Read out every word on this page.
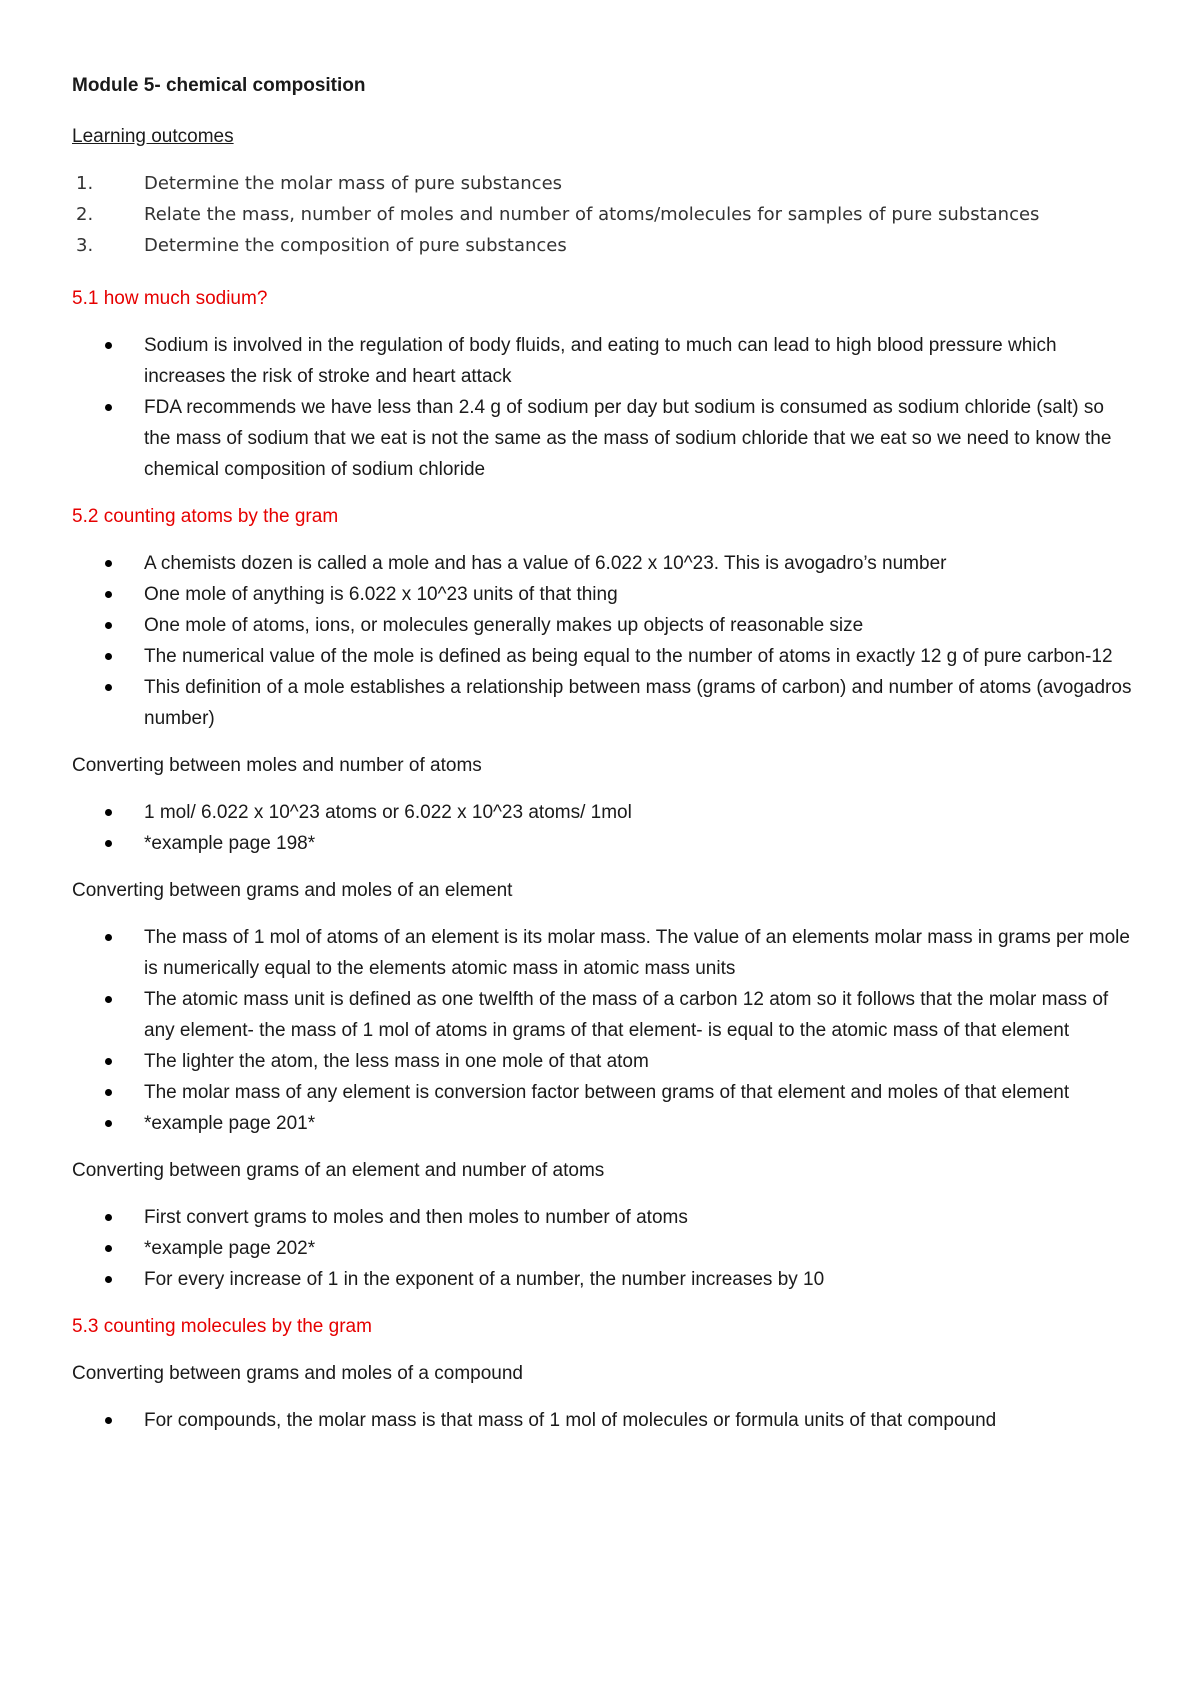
Module 5- chemical composition

Learning outcomes

1.	Determine the molar mass of pure substances
2.	Relate the mass, number of moles and number of atoms/molecules for samples of pure substances
3.	Determine the composition of pure substances

5.1 how much sodium?

Sodium is involved in the regulation of body fluids, and eating to much can lead to high blood pressure which increases the risk of stroke and heart attack
FDA recommends we have less than 2.4 g of sodium per day but sodium is consumed as sodium chloride (salt) so the mass of sodium that we eat is not the same as the mass of sodium chloride that we eat so we need to know the chemical composition of sodium chloride

5.2 counting atoms by the gram

A chemists dozen is called a mole and has a value of 6.022 x 10^23. This is avogadro’s number
One mole of anything is 6.022 x 10^23 units of that thing
One mole of atoms, ions, or molecules generally makes up objects of reasonable size
The numerical value of the mole is defined as being equal to the number of atoms in exactly 12 g of pure carbon-12
This definition of a mole establishes a relationship between mass (grams of carbon) and number of atoms (avogadros number)

Converting between moles and number of atoms

1 mol/ 6.022 x 10^23 atoms or 6.022 x 10^23 atoms/ 1mol
*example page 198*

Converting between grams and moles of an element

The mass of 1 mol of atoms of an element is its molar mass. The value of an elements molar mass in grams per mole is numerically equal to the elements atomic mass in atomic mass units
The atomic mass unit is defined as one twelfth of the mass of a carbon 12 atom so it follows that the molar mass of any element- the mass of 1 mol of atoms in grams of that element- is equal to the atomic mass of that element
The lighter the atom, the less mass in one mole of that atom
The molar mass of any element is conversion factor between grams of that element and moles of that element
*example page 201*

Converting between grams of an element and number of atoms

First convert grams to moles and then moles to number of atoms
*example page 202*
For every increase of 1 in the exponent of a number, the number increases by 10

5.3 counting molecules by the gram

Converting between grams and moles of a compound

For compounds, the molar mass is that mass of 1 mol of molecules or formula units of that compound
